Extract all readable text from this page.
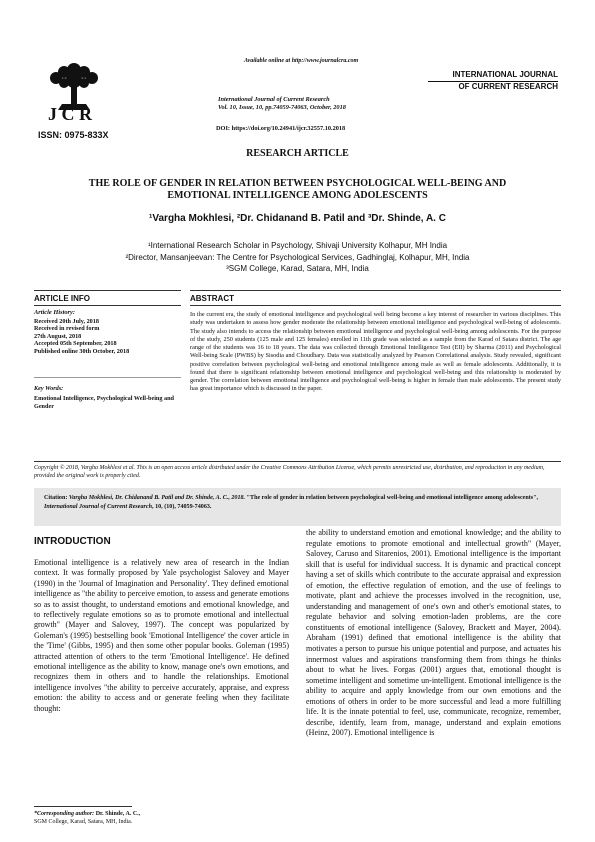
J C R
ISSN: 0975-833X
Available online at http://www.journalcra.com
International Journal of Current Research
Vol. 10, Issue, 10, pp.74059-74063, October, 2018
DOI: https://doi.org/10.24941/ijcr.32557.10.2018
INTERNATIONAL JOURNAL
OF CURRENT RESEARCH
RESEARCH ARTICLE
THE ROLE OF GENDER IN RELATION BETWEEN PSYCHOLOGICAL WELL-BEING AND
EMOTIONAL INTELLIGENCE AMONG ADOLESCENTS
¹Vargha Mokhlesi, ²Dr. Chidanand B. Patil and ³Dr. Shinde, A. C
¹International Research Scholar in Psychology, Shivaji University Kolhapur, MH India
²Director, Mansanjeevan: The Centre for Psychological Services, Gadhinglaj, Kolhapur, MH, India
³SGM College, Karad, Satara, MH, India
ARTICLE INFO	ABSTRACT
Article History:
Received 20th July, 2018
Received in revised form
27th August, 2018
Accepted 05th September, 2018
Published online 30th October, 2018
Key Words:
Emotional Intelligence, Psychological Well-being and Gender
In the current era, the study of emotional intelligence and psychological well being become a key interest of researcher in various disciplines. This study was undertaken to assess how gender moderate the relationship between emotional intelligence and psychological well-being of adolescents. The study also intends to access the relationship between emotional intelligence and psychological well-being among adolescents. For the purpose of the study, 250 students (125 male and 125 females) enrolled in 11th grade was selected as a sample from the Karad of Satara district. The age range of the students was 16 to 18 years. The data was collected through Emotional Intelligence Test (EII) by Sharma (2011) and Psychological Well-being Scale (PWBS) by Sisodia and Choudhary. Data was statistically analyzed by Pearson Correlational analysis. Study revealed, significant positive correlation between psychological well-being and emotional intelligence among male as well as female adolescents. Additionally, it is found that there is significant relationship between emotional intelligence and psychological well-being and this relationship is moderated by gender. The correlation between emotional intelligence and psychological well-being is higher in female than male adolescents. The present study has great importance which is discussed in the paper.
Copyright © 2018, Vargha Mokhlesi et al. This is an open access article distributed under the Creative Commons Attribution License, which permits unrestricted use, distribution, and reproduction in any medium, provided the original work is properly cited.
Citation: Vargha Mokhlesi, Dr. Chidanand B. Patil and Dr. Shinde, A. C., 2018. "The role of gender in relation between psychological well-being and emotional intelligence among adolescents", International Journal of Current Research, 10, (10), 74059-74063.
INTRODUCTION
Emotional intelligence is a relatively new area of research in the Indian context. It was formally proposed by Yale psychologist Salovey and Mayer (1990) in the 'Journal of Imagination and Personality'. They defined emotional intelligence as "the ability to perceive emotion, to assess and generate emotions so as to assist thought, to understand emotions and emotional knowledge, and to reflectively regulate emotions so as to promote emotional and intellectual growth" (Mayer and Salovey, 1997). The concept was popularized by Goleman's (1995) bestselling book 'Emotional Intelligence' the cover article in the 'Time' (Gibbs, 1995) and then some other popular books. Goleman (1995) attracted attention of others to the term 'Emotional Intelligence'. He defined emotional intelligence as the ability to know, manage one's own emotions, and recognizes them in others and to handle the relationships. Emotional intelligence involves "the ability to perceive accurately, appraise, and express emotion: the ability to access and or generate feeling when they facilitate thought:
the ability to understand emotion and emotional knowledge; and the ability to regulate emotions to promote emotional and intellectual growth" (Mayer, Salovey, Caruso and Sitarenios, 2001). Emotional intelligence is the important skill that is useful for individual success. It is dynamic and practical concept having a set of skills which contribute to the accurate appraisal and expression of emotion, the effective regulation of emotion, and the use of feelings to motivate, plant and achieve the processes involved in the recognition, use, understanding and management of one's own and other's emotional states, to regulate behavior and solving emotion-laden problems, are the core constituents of emotional intelligence (Salovey, Brackett and Mayer, 2004). Abraham (1991) defined that emotional intelligence is the ability that motivates a person to pursue his unique potential and purpose, and actuates his innermost values and aspirations transforming them from things he thinks about to what he lives. Forgas (2001) argues that, emotional thought is sometime intelligent and sometime un-intelligent. Emotional intelligence is the ability to acquire and apply knowledge from our own emotions and the emotions of others in order to be more successful and lead a more fulfilling life. It is the innate potential to feel, use, communicate, recognize, remember, describe, identify, learn from, manage, understand and explain emotions (Heinz, 2007). Emotional intelligence is
*Corresponding author: Dr. Shinde, A. C.,
SGM College, Karad, Satara, MH, India.
